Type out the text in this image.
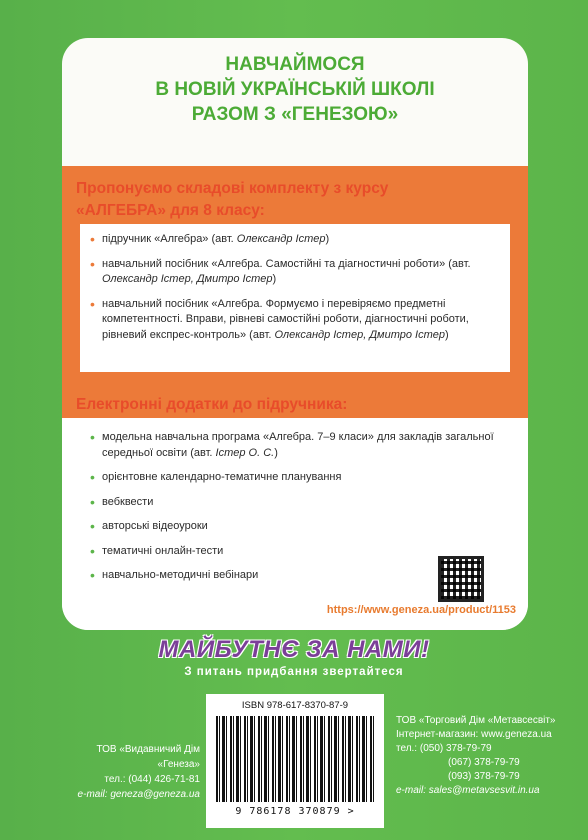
НАВЧАЙМОСЯ
В НОВІЙ УКРАЇНСЬКІЙ ШКОЛІ
РАЗОМ З «ГЕНЕЗОЮ»
Пропонуємо складові комплекту з курсу
«АЛГЕБРА» для 8 класу:
• підручник «Алгебра» (авт. Олександр Істер)
• навчальний посібник «Алгебра. Самостійні та діагностичні роботи» (авт. Олександр Істер, Дмитро Істер)
• навчальний посібник «Алгебра. Формуємо і перевіряємо предметні компетентності. Вправи, рівневі самостійні роботи, діагностичні роботи, рівневий експрес-контроль» (авт. Олександр Істер, Дмитро Істер)
Електронні додатки до підручника:
• модельна навчальна програма «Алгебра. 7–9 класи» для закладів загальної середньої освіти (авт. Істер О. С.)
• орієнтовне календарно-тематичне планування
• вебквести
• авторські відеоуроки
• тематичні онлайн-тести
• навчально-методичні вебінари
https://www.geneza.ua/product/1153
МАЙБУТНЄ ЗА НАМИ!
З питань придбання звертайтеся
ТОВ «Видавничий Дім
«Генеза»
тел.: (044) 426-71-81
e-mail: geneza@geneza.ua
ISBN 978-617-8370-87-9
9 786178 370879 >
ТОВ «Торговий Дім «Метавсесвіт»
Інтернет-магазин: www.geneza.ua
тел.: (050) 378-79-79
(067) 378-79-79
(093) 378-79-79
e-mail: sales@metavsesvit.in.ua
